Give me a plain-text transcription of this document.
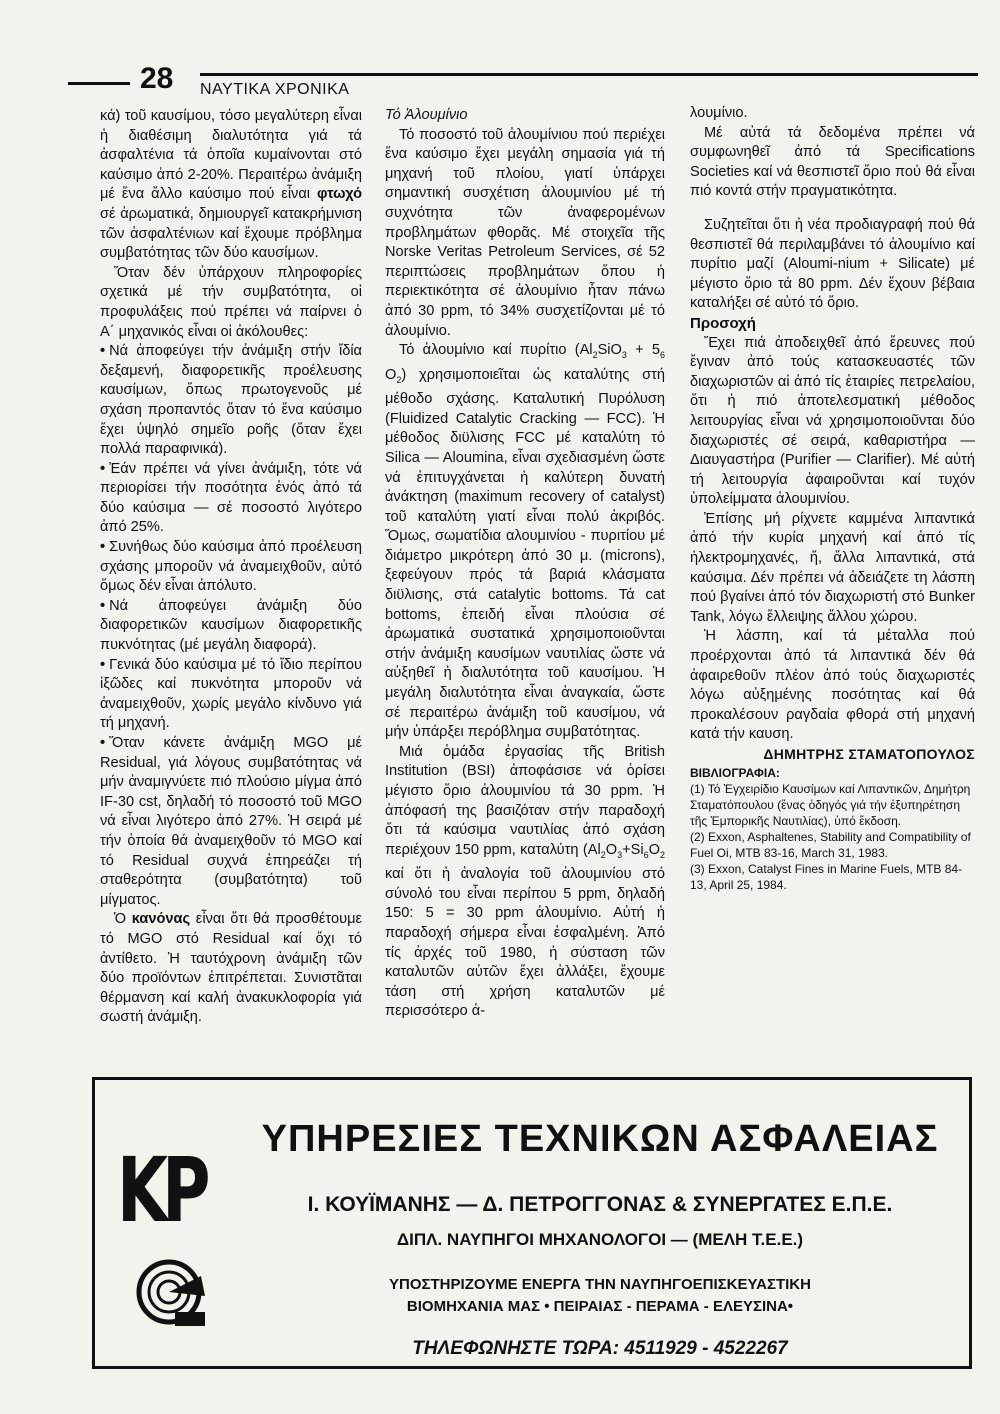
28 ΝΑΥΤΙΚΑ ΧΡΟΝΙΚΑ

κά) τοῦ καυσίμου, τόσο μεγαλύτερη εἶναι ἡ διαθέσιμη διαλυτότητα γιά τά ἀσφαλτένια τά ὁποῖα κυμαίνονται στό καύσιμο ἀπό 2-20%. Περαιτέρω ἀνάμιξη μέ ἕνα ἄλλο καύσιμο πού εἶναι φτωχό σέ ἀρωματικά, δημιουργεῖ κατακρήμνιση τῶν ἀσφαλτένιων καί ἔχουμε πρόβλημα συμβατότητας τῶν δύο καυσίμων.

Ὅταν δέν ὑπάρχουν πληροφορίες σχετικά μέ τήν συμβατότητα, οἱ προφυλάξεις πού πρέπει νά παίρνει ὁ Α΄ μηχανικός εἶναι οἱ ἀκόλουθες:

• Νά ἀποφεύγει τήν ἀνάμιξη στήν ἴδία δεξαμενή, διαφορετικῆς προέλευσης καυσίμων, ὅπως πρωτογενοῦς μέ σχάση προπαντός ὅταν τό ἕνα καύσιμο ἔχει ὑψηλό σημεῖο ροῆς (ὅταν ἔχει πολλά παραφινικά).

• Ἐάν πρέπει νά γίνει ἀνάμιξη, τότε νά περιορίσει τήν ποσότητα ἑνός ἀπό τά δύο καύσιμα — σέ ποσοστό λιγότερο ἀπό 25%.

• Συνήθως δύο καύσιμα ἀπό προέλευση σχάσης μποροῦν νά ἀναμειχθοῦν, αὐτό ὅμως δέν εἶναι ἀπόλυτο.

• Νά ἀποφεύγει ἀνάμιξη δύο διαφορετικῶν καυσίμων διαφορετικῆς πυκνότητας (μέ μεγάλη διαφορά).

• Γενικά δύο καύσιμα μέ τό ἴδιο περίπου ἰξῶδες καί πυκνότητα μποροῦν νά ἀναμειχθοῦν, χωρίς μεγάλο κίνδυνο γιά τή μηχανή.

• Ὅταν κάνετε ἀνάμιξη MGO μέ Residual, γιά λόγους συμβατότητας νά μήν ἀναμιγνύετε πιό πλούσιο μίγμα ἀπό IF-30 cst, δηλαδή τό ποσοστό τοῦ MGO νά εἶναι λιγότερο ἀπό 27%. Ἡ σειρά μέ τήν ὁποία θά ἀναμειχθοῦν τό MGO καί τό Residual συχνά ἐπηρεάζει τή σταθερότητα (συμβατότητα) τοῦ μίγματος.

Ὁ κανόνας εἶναι ὅτι θά προσθέτουμε τό MGO στό Residual καί ὄχι τό ἀντίθετο. Ἡ ταυτόχρονη ἀνάμιξη τῶν δύο προϊόντων ἐπιτρέπεται. Συνιστᾶται θέρμανση καί καλή ἀνακυκλοφορία γιά σωστή ἀνάμιξη.

Τό Ἀλουμίνιο

Τό ποσοστό τοῦ ἀλουμίνιου πού περιέχει ἕνα καύσιμο ἔχει μεγάλη σημασία γιά τή μηχανή τοῦ πλοίου, γιατί ὑπάρχει σημαντική συσχέτιση ἀλουμινίου μέ τή συχνότητα τῶν ἀναφερομένων προβλημάτων φθορᾶς. Μέ στοιχεῖα τῆς Norske Veritas Petroleum Services, σέ 52 περιπτώσεις προβλημάτων ὅπου ἡ περιεκτικότητα σέ ἀλουμίνιο ἦταν πάνω ἀπό 30 ppm, τό 34% συσχετίζονται μέ τό ἀλουμίνιο.

Τό ἀλουμίνιο καί πυρίτιο ($Al_2SiO_3 + 5_6$ $O_2$) χρησιμοποιεῖται ὡς καταλύτης στή μέθοδο σχάσης. Καταλυτική Πυρόλυση (Fluidized Catalytic Cracking — FCC). Ἡ μέθοδος διϋλισης FCC μέ καταλύτη τό Silica — Aloumina, εἶναι σχεδιασμένη ὥστε νά ἐπιτυγχάνεται ἡ καλύτερη δυνατή ἀνάκτηση (maximum recovery of catalyst) τοῦ καταλύτη γιατί εἶναι πολύ ἀκριβός. Ὅμως, σωματίδια αλουμινίου - πυριτίου μέ διάμετρο μικρότερη ἀπό 30 μ. (microns), ξεφεύγουν πρός τά βαριά κλάσματα διϋλισης, στά catalytic bottoms. Τά cat bottoms, ἐπειδή εἶναι πλούσια σέ ἀρωματικά συστατικά χρησιμοποιοῦνται στήν ἀνάμιξη καυσίμων ναυτιλίας ὥστε νά αὐξηθεῖ ἡ διαλυτότητα τοῦ καυσίμου. Ἡ μεγάλη διαλυτότητα εἶναι ἀναγκαία, ὥστε σέ περαιτέρω ἀνάμιξη τοῦ καυσίμου, νά μήν ὑπάρξει περόβλημα συμβατότητας.

Μιά ὁμάδα ἐργασίας τῆς British Institution (BSI) ἀποφάσισε νά ὁρίσει μέγιστο ὅριο ἀλουμινίου τά 30 ppm. Ἡ ἀπόφασή της βασιζόταν στήν παραδοχή ὅτι τά καύσιμα ναυτιλίας ἀπό σχάση περιέχουν 150 ppm, καταλύτη ($Al_2O_3+Si_6O_2$ καί ὅτι ἡ ἀναλογία τοῦ ἀλουμινίου στό σύνολό του εἶναι περίπου 5 ppm, δηλαδή 150: 5 = 30 ppm ἀλουμίνιο. Αὐτή ἡ παραδοχή σήμερα εἶναι ἐσφαλμένη. Ἀπό τίς ἀρχές τοῦ 1980, ἡ σύσταση τῶν καταλυτῶν αὐτῶν ἔχει ἀλλάξει, ἔχουμε τάση στή χρήση καταλυτῶν μέ περισσότερο ἀ-

λουμίνιο.

Μέ αὐτά τά δεδομένα πρέπει νά συμφωνηθεῖ ἀπό τά Specifications Societies καί νά θεσπιστεῖ ὅριο πού θά εἶναι πιό κοντά στήν πραγματικότητα.

Συζητεῖται ὅτι ἡ νέα προδιαγραφή πού θά θεσπιστεῖ θά περιλαμβάνει τό ἀλουμίνιο καί πυρίτιο μαζί (Aloumi-nium + Silicate) μέ μέγιστο ὅριο τά 80 ppm. Δέν ἔχουν βέβαια καταλήξει σέ αὐτό τό ὅριο.

Προσοχή

Ἔχει πιά ἀποδειχθεῖ ἀπό ἔρευνες πού ἔγιναν ἀπό τούς κατασκευαστές τῶν διαχωριστῶν αἱ ἀπό τίς ἑταιρίες πετρελαίου, ὅτι ἡ πιό ἀποτελεσματική μέθοδος λειτουργίας εἶναι νά χρησιμοποιοῦνται δύο διαχωριστές σέ σειρά, καθαριστήρα — Διαυγαστήρα (Purifier — Clarifier). Μέ αὐτή τή λειτουργία ἀφαιροῦνται καί τυχόν ὑπολείμματα ἀλουμινίου.

Ἐπίσης μή ρίχνετε καμμένα λιπαντικά ἀπό τήν κυρία μηχανή καί ἀπό τίς ἠλεκτρομηχανές, ἤ, ἄλλα λιπαντικά, στά καύσιμα. Δέν πρέπει νά ἀδειάζετε τη λάσπη πού βγαίνει ἀπό τόν διαχωριστή στό Bunker Tank, λόγω ἔλλειψης ἄλλου χώρου.

Ἡ λάσπη, καί τά μέταλλα πού προέρχονται ἀπό τά λιπαντικά δέν θά ἀφαιρεθοῦν πλέον ἀπό τούς διαχωριστές λόγω αὐξημένης ποσότητας καί θά προκαλέσουν ραγδαία φθορά στή μηχανή κατά τήν καυση.

ΔΗΜΗΤΡΗΣ ΣΤΑΜΑΤΟΠΟΥΛΟΣ

ΒΙΒΛΙΟΓΡΑΦΙΑ:

(1) Τό Ἐγχειρίδιο Καυσίμων καί Λιπαντικῶν, Δημήτρη Σταματόπουλου (ἕνας ὁδηγός γιά τήν ἐξυπηρέτηση τῆς Ἐμπορικῆς Ναυτιλίας), ὑπό ἔκδοση.

(2) Exxon, Asphaltenes, Stability and Compatibility of Fuel Oi, MTB 83-16, March 31, 1983.

(3) Exxon, Catalyst Fines in Marine Fuels, MTB 84-13, April 25, 1984.

KP	ΥΠΗΡΕΣΙΕΣ ΤΕΧΝΙΚΩΝ ΑΣΦΑΛΕΙΑΣ
Ι. ΚΟΥΪΜΑΝΗΣ — Δ. ΠΕΤΡΟΓΓΟΝΑΣ & ΣΥΝΕΡΓΑΤΕΣ Ε.Π.Ε.
ΔΙΠΛ. ΝΑΥΠΗΓΟΙ ΜΗΧΑΝΟΛΟΓΟΙ — (ΜΕΛΗ Τ.Ε.Ε.)
ΥΠΟΣΤΗΡΙΖΟΥΜΕ ΕΝΕΡΓΑ ΤΗΝ ΝΑΥΠΗΓΟΕΠΙΣΚΕΥΑΣΤΙΚΗ
ΒΙΟΜΗΧΑΝΙΑ ΜΑΣ • ΠΕΙΡΑΙΑΣ - ΠΕΡΑΜΑ - ΕΛΕΥΣΙΝΑ•
ΤΗΛΕΦΩΝΗΣΤΕ ΤΩΡΑ: 4511929 - 4522267
